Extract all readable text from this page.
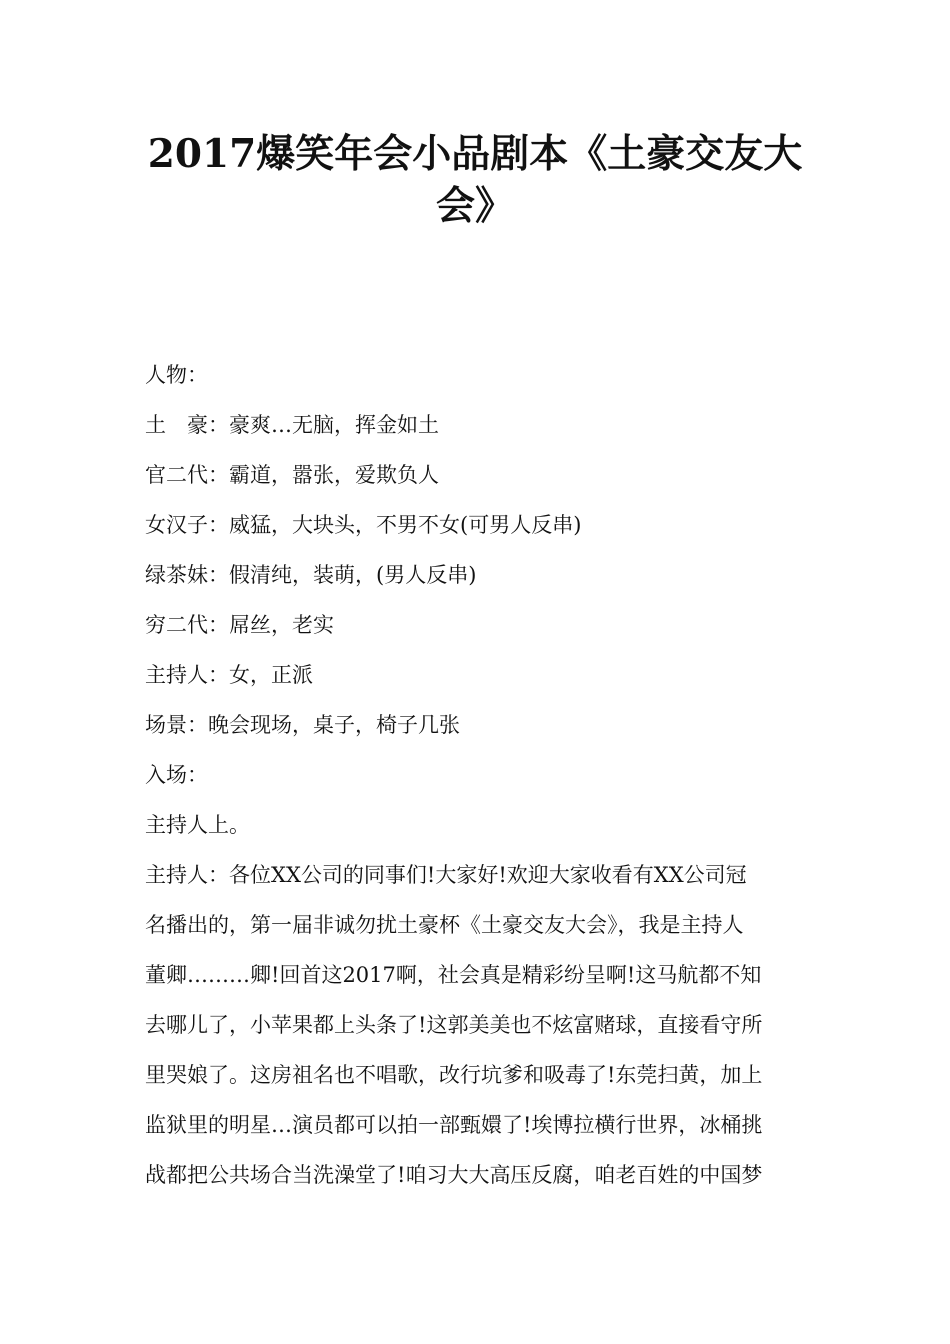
2017爆笑年会小品剧本《土豪交友大
会》
人物：
土　豪：豪爽…无脑，挥金如土
官二代：霸道，嚣张，爱欺负人
女汉子：威猛，大块头，不男不女(可男人反串)
绿茶妹：假清纯，装萌，(男人反串)
穷二代：屌丝，老实
主持人：女，正派
场景：晚会现场，桌子，椅子几张
入场：
主持人上。
主持人：各位XX公司的同事们!大家好!欢迎大家收看有XX公司冠
名播出的，第一届非诚勿扰土豪杯《土豪交友大会》，我是主持人
董卿………卿!回首这2017啊，社会真是精彩纷呈啊!这马航都不知
去哪儿了，小苹果都上头条了!这郭美美也不炫富赌球，直接看守所
里哭娘了。这房祖名也不唱歌，改行坑爹和吸毒了!东莞扫黄，加上
监狱里的明星…演员都可以拍一部甄嬛了!埃博拉横行世界，冰桶挑
战都把公共场合当洗澡堂了!咱习大大高压反腐，咱老百姓的中国梦
